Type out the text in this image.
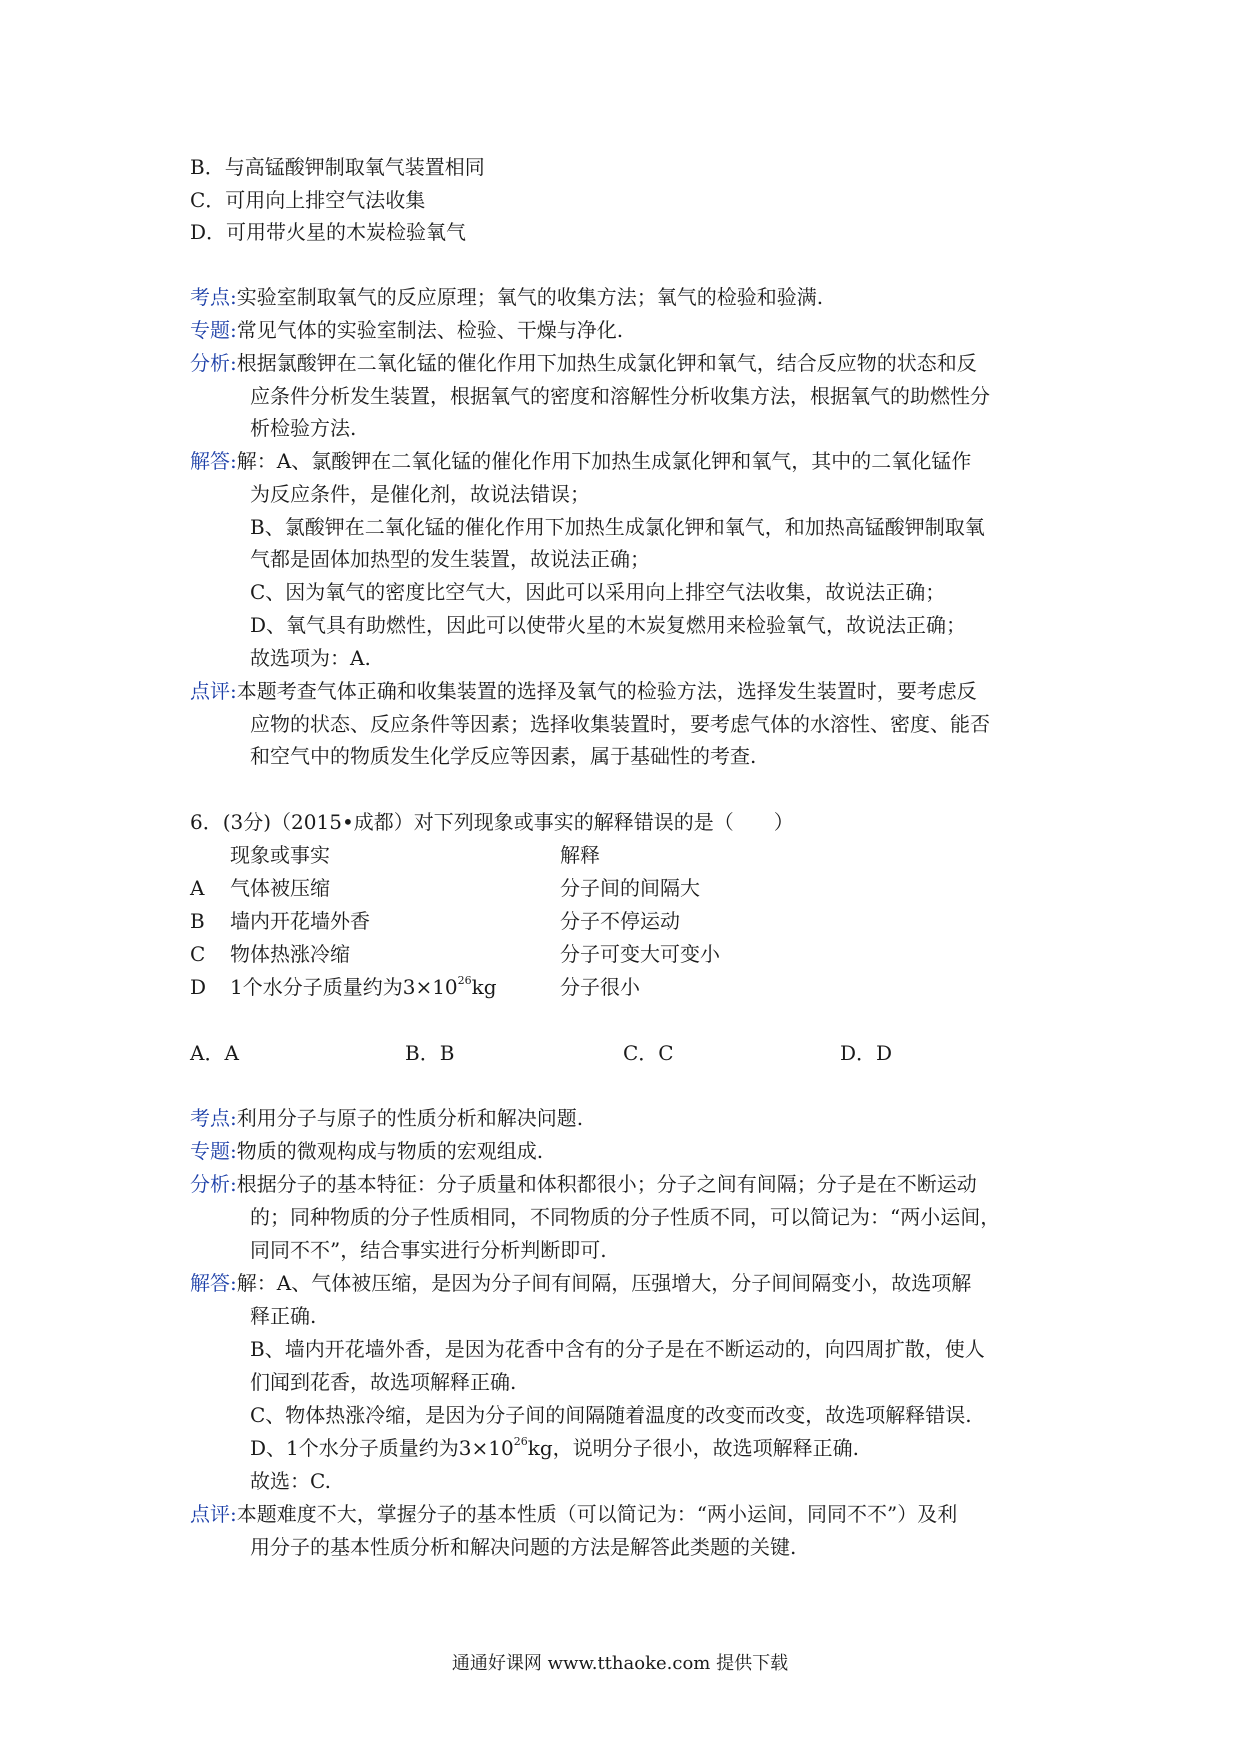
B．与高锰酸钾制取氧气装置相同
C．可用向上排空气法收集
D．可用带火星的木炭检验氧气
考点:实验室制取氧气的反应原理；氧气的收集方法；氧气的检验和验满.
专题:常见气体的实验室制法、检验、干燥与净化.
分析:根据氯酸钾在二氧化锰的催化作用下加热生成氯化钾和氧气，结合反应物的状态和反
应条件分析发生装置，根据氧气的密度和溶解性分析收集方法，根据氧气的助燃性分
析检验方法.
解答:解：A、氯酸钾在二氧化锰的催化作用下加热生成氯化钾和氧气，其中的二氧化锰作
为反应条件，是催化剂，故说法错误；
B、氯酸钾在二氧化锰的催化作用下加热生成氯化钾和氧气，和加热高锰酸钾制取氧
气都是固体加热型的发生装置，故说法正确；
C、因为氧气的密度比空气大，因此可以采用向上排空气法收集，故说法正确；
D、氧气具有助燃性，因此可以使带火星的木炭复燃用来检验氧气，故说法正确；
故选项为：A.
点评:本题考查气体正确和收集装置的选择及氧气的检验方法，选择发生装置时，要考虑反
应物的状态、反应条件等因素；选择收集装置时，要考虑气体的水溶性、密度、能否
和空气中的物质发生化学反应等因素，属于基础性的考查.
6．(3分)（2015•成都）对下列现象或事实的解释错误的是（　　）
现象或事实	解释
A 气体被压缩	分子间的间隔大
B 墙内开花墙外香	分子不停运动
C 物体热涨冷缩	分子可变大可变小
D 1个水分子质量约为$3\times 10^{26}kg$	分子很小
A．A	B．B	C．C	D．D
考点:利用分子与原子的性质分析和解决问题.
专题:物质的微观构成与物质的宏观组成.
分析:根据分子的基本特征：分子质量和体积都很小；分子之间有间隔；分子是在不断运动
的；同种物质的分子性质相同，不同物质的分子性质不同，可以简记为：“两小运间，
同同不不”，结合事实进行分析判断即可.
解答:解：A、气体被压缩，是因为分子间有间隔，压强增大，分子间间隔变小，故选项解
释正确.
B、墙内开花墙外香，是因为花香中含有的分子是在不断运动的，向四周扩散，使人
们闻到花香，故选项解释正确.
C、物体热涨冷缩，是因为分子间的间隔随着温度的改变而改变，故选项解释错误.
D、1个水分子质量约为$3\times 10^{26}kg$，说明分子很小，故选项解释正确.
故选：C.
点评:本题难度不大，掌握分子的基本性质（可以简记为：“两小运间，同同不不”）及利
用分子的基本性质分析和解决问题的方法是解答此类题的关键.
通通好课网 www.tthaoke.com 提供下载
